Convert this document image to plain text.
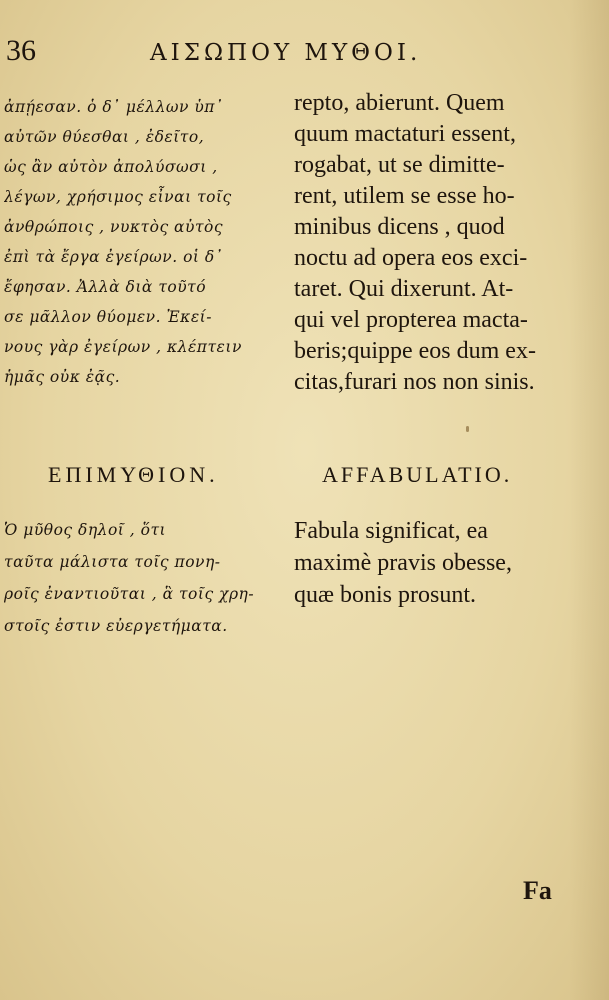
36	ΑΙΣΩΠΟΥ ΜΥΘΟΙ.
ἀπῄεσαν. ὁ δ᾽ μέλλων ὑπ᾽
αὐτῶν θύεσθαι , ἐδεῖτο,
ὡς ἂν αὐτὸν ἀπολύσωσι ,
λέγων, χρήσιμος εἶναι τοῖς
ἀνθρώποις , νυκτὸς αὐτὸς
ἐπὶ τὰ ἔργα ἐγείρων. οἱ δ᾽
ἔφησαν. Ἀλλὰ διὰ τοῦτό
σε μᾶλλον θύομεν. Ἐκεί-
νους γὰρ ἐγείρων , κλέπτειν
ἡμᾶς οὐκ ἐᾷς.
repto, abierunt. Quem
quum mactaturi essent,
rogabat, ut se dimitte-
rent, utilem se esse ho-
minibus dicens , quod
noctu ad opera eos exci-
taret. Qui dixerunt. At-
qui vel propterea macta-
beris;quippe eos dum ex-
citas,furari nos non sinis.
ΕΠΙΜΥΘΙΟΝ.	AFFABULATIO.
Ὁ μῦθος δηλοῖ , ὅτι
ταῦτα μάλιστα τοῖς πονη-
ροῖς ἐναντιοῦται , ἃ τοῖς χρη-
στοῖς ἐστιν εὐεργετήματα.
Fabula significat, ea
maximè pravis obesse,
quæ bonis prosunt.
Fa
